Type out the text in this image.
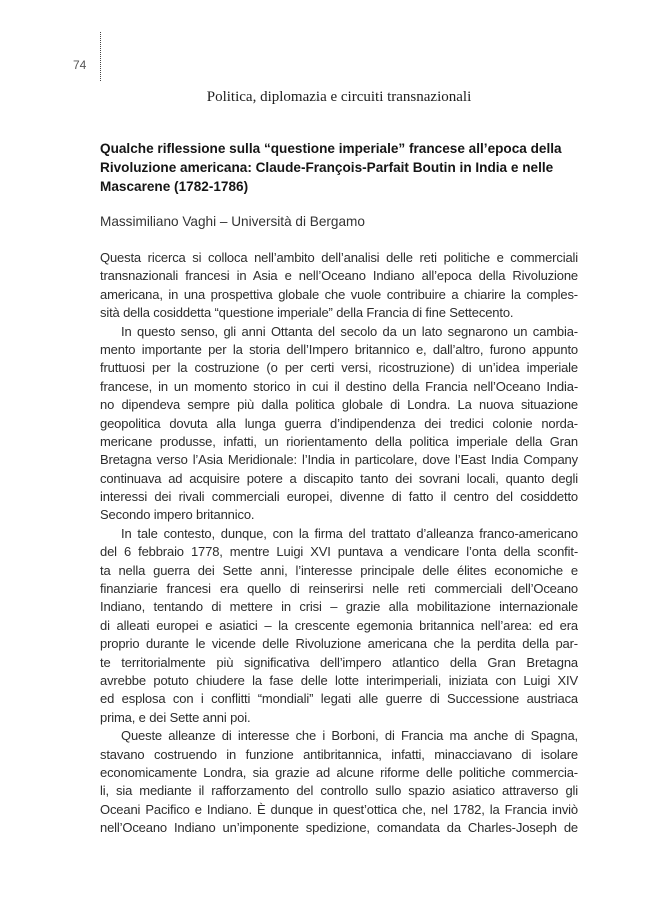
74
Politica, diplomazia e circuiti transnazionali
Qualche riflessione sulla “questione imperiale” francese all’epoca della
Rivoluzione americana: Claude-François-Parfait Boutin in India e nelle
Mascarene (1782-1786)
Massimiliano Vaghi – Università di Bergamo
Questa ricerca si colloca nell’ambito dell’analisi delle reti politiche e commerciali
transnazionali francesi in Asia e nell’Oceano Indiano all’epoca della Rivoluzione
americana, in una prospettiva globale che vuole contribuire a chiarire la comples-
sità della cosiddetta “questione imperiale” della Francia di fine Settecento.
In questo senso, gli anni Ottanta del secolo da un lato segnarono un cambia-
mento importante per la storia dell’Impero britannico e, dall’altro, furono appunto
fruttuosi per la costruzione (o per certi versi, ricostruzione) di un’idea imperiale
francese, in un momento storico in cui il destino della Francia nell’Oceano India-
no dipendeva sempre più dalla politica globale di Londra. La nuova situazione
geopolitica dovuta alla lunga guerra d’indipendenza dei tredici colonie norda-
mericane produsse, infatti, un riorientamento della politica imperiale della Gran
Bretagna verso l’Asia Meridionale: l’India in particolare, dove l’East India Company
continuava ad acquisire potere a discapito tanto dei sovrani locali, quanto degli
interessi dei rivali commerciali europei, divenne di fatto il centro del cosiddetto
Secondo impero britannico.
In tale contesto, dunque, con la firma del trattato d’alleanza franco-americano
del 6 febbraio 1778, mentre Luigi XVI puntava a vendicare l’onta della sconfit-
ta nella guerra dei Sette anni, l’interesse principale delle élites economiche e
finanziarie francesi era quello di reinserirsi nelle reti commerciali dell’Oceano
Indiano, tentando di mettere in crisi – grazie alla mobilitazione internazionale
di alleati europei e asiatici – la crescente egemonia britannica nell’area: ed era
proprio durante le vicende delle Rivoluzione americana che la perdita della par-
te territorialmente più significativa dell’impero atlantico della Gran Bretagna
avrebbe potuto chiudere la fase delle lotte interimperiali, iniziata con Luigi XIV
ed esplosa con i conflitti “mondiali” legati alle guerre di Successione austriaca
prima, e dei Sette anni poi.
Queste alleanze di interesse che i Borboni, di Francia ma anche di Spagna,
stavano costruendo in funzione antibritannica, infatti, minacciavano di isolare
economicamente Londra, sia grazie ad alcune riforme delle politiche commercia-
li, sia mediante il rafforzamento del controllo sullo spazio asiatico attraverso gli
Oceani Pacifico e Indiano. È dunque in quest’ottica che, nel 1782, la Francia inviò
nell’Oceano Indiano un’imponente spedizione, comandata da Charles-Joseph de
